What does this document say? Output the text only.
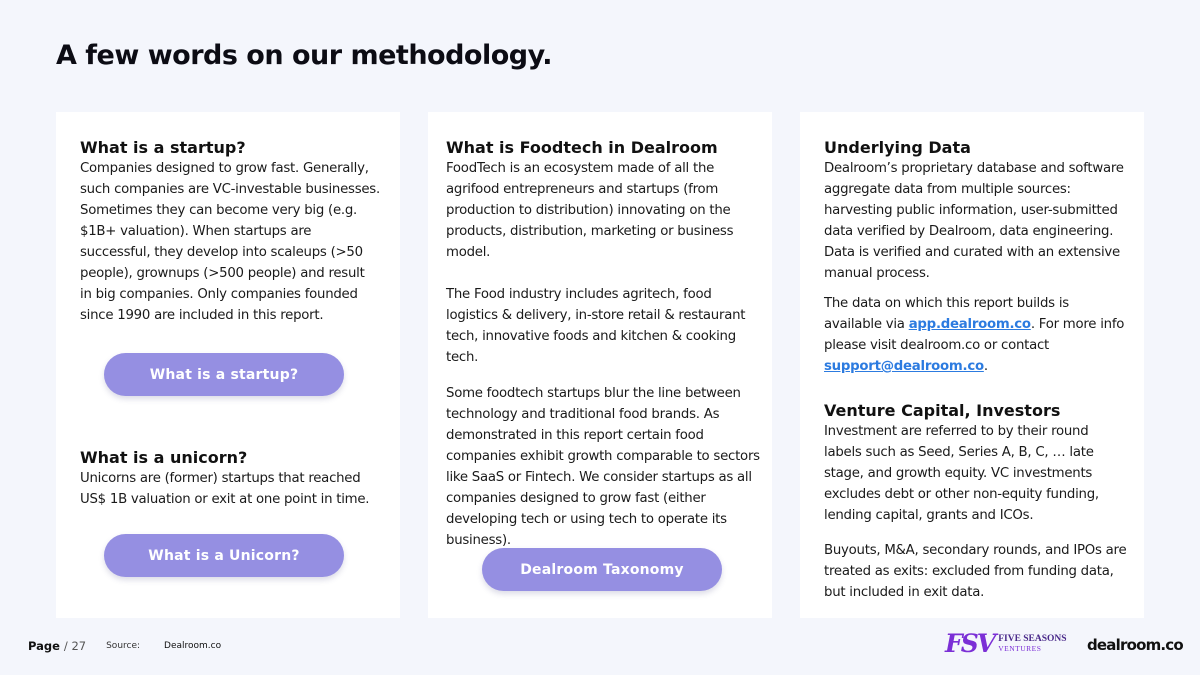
A few words on our methodology.
What is a startup?
Companies designed to grow fast. Generally, such companies are VC-investable businesses. Sometimes they can become very big (e.g. $1B+ valuation). When startups are successful, they develop into scaleups (>50 people), grownups (>500 people) and result in big companies. Only companies founded since 1990 are included in this report.
What is a startup?
What is a unicorn?
Unicorns are (former) startups that reached US$ 1B valuation or exit at one point in time.
What is a Unicorn?
What is Foodtech in Dealroom
FoodTech is an ecosystem made of all the agrifood entrepreneurs and startups (from production to distribution) innovating on the products, distribution, marketing or business model.
The Food industry includes agritech, food logistics & delivery, in-store retail & restaurant tech, innovative foods and kitchen & cooking tech.
Some foodtech startups blur the line between technology and traditional food brands. As demonstrated in this report certain food companies exhibit growth comparable to sectors like SaaS or Fintech. We consider startups as all companies designed to grow fast (either developing tech or using tech to operate its business).
Dealroom Taxonomy
Underlying Data
Dealroom’s proprietary database and software aggregate data from multiple sources: harvesting public information, user-submitted data verified by Dealroom, data engineering. Data is verified and curated with an extensive manual process.
The data on which this report builds is available via app.dealroom.co. For more info please visit dealroom.co or contact support@dealroom.co.
Venture Capital, Investors
Investment are referred to by their round labels such as Seed, Series A, B, C, … late stage, and growth equity. VC investments excludes debt or other non-equity funding, lending capital, grants and ICOs.
Buyouts, M&A, secondary rounds, and IPOs are treated as exits: excluded from funding data, but included in exit data.
Page / 27 Source:	Dealroom.co	FSV FIVE SEASONS
VENTURES	dealroom.co
